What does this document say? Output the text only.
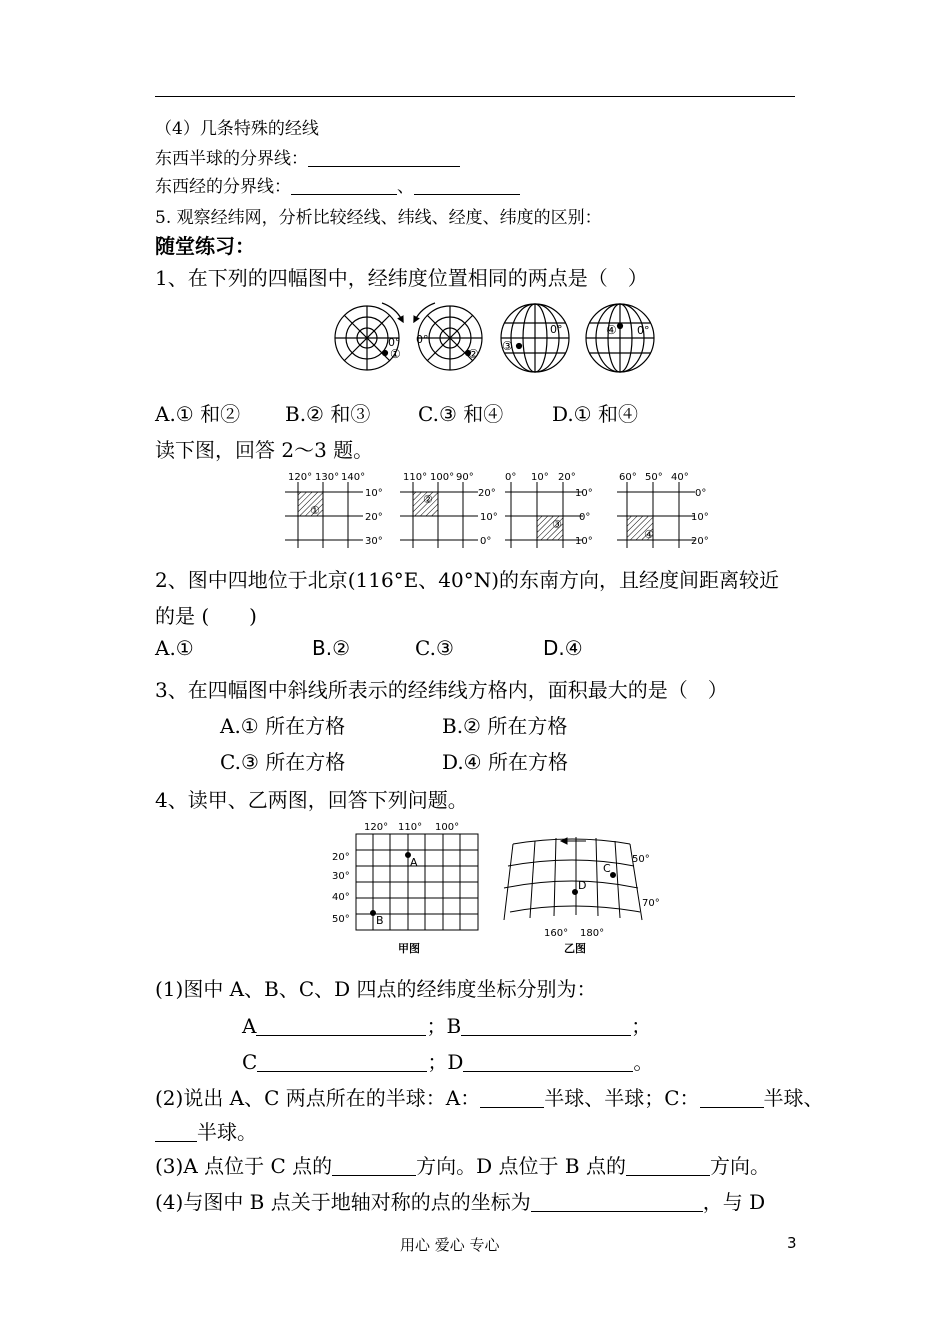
（4）几条特殊的经线
东西半球的分界线：
东西经的分界线：	、
5. 观察经纬网，分析比较经线、纬线、经度、纬度的区别：
随堂练习：
1、在下列的四幅图中，经纬度位置相同的两点是（　）
0°
①
0°
②
0°
③
0°
④
A.① 和② B.② 和③ C.③ 和④ D.① 和④
读下图，回答 2～3 题。
①
120° 130° 140°
10°
20°
30°
②
110° 100° 90°
20°
10°
0°
③
0° 10° 20°
10°
0°
10°
④
60° 50° 40°
0°
10°
20°
2、图中四地位于北京(116°E、40°N)的东南方向，且经度间距离较近
的是 (　　)
A.①	B.②	C.③	D.④
3、在四幅图中斜线所表示的经纬线方格内，面积最大的是（　）
A.① 所在方格	B.② 所在方格
C.③ 所在方格	D.④ 所在方格
4、读甲、乙两图，回答下列问题。
120° 110° 100°
20°
30°
40°
50°
A
B
甲图
50°
70°
160° 180°
C
D
乙图
(1)图中 A、B、C、D 四点的经纬度坐标分别为：
A	；B	；
C	；D	。
(2)说出 A、C 两点所在的半球：A：	半球、半球；C：	半球、
半球。
(3)A 点位于 C 点的	方向。D 点位于 B 点的	方向。
(4)与图中 B 点关于地轴对称的点的坐标为	，与 D
用心 爱心 专心	3
